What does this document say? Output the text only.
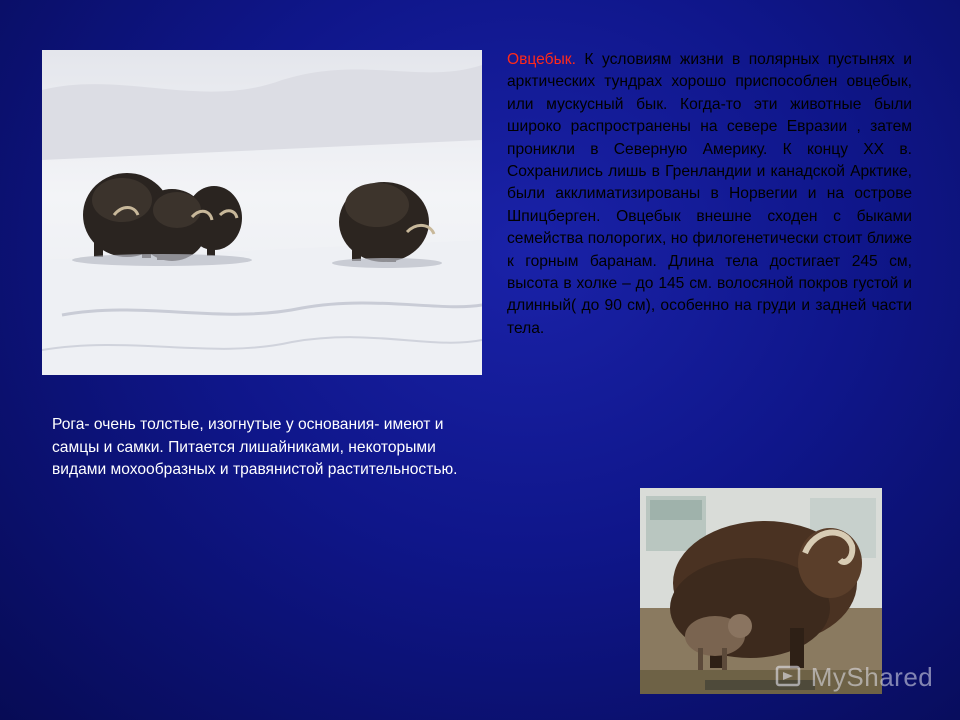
Овцебык. К условиям жизни в полярных пустынях и арктических тундрах хорошо приспособлен овцебык, или мускусный бык. Когда-то эти животные были широко распространены на севере Евразии , затем проникли в Северную Америку. К концу XX в. Сохранились лишь в Гренландии и канадской Арктике, были акклиматизированы в Норвегии и на острове Шпицберген. Овцебык внешне сходен с быками семейства полорогих, но филогенетически стоит ближе к горным баранам. Длина тела достигает 245 см, высота в холке – до 145 см. волосяной покров густой и длинный( до 90 см), особенно на груди и задней части тела.

Рога- очень толстые, изогнутые у основания- имеют и самцы и самки. Питается лишайниками, некоторыми видами мохообразных и травянистой растительностью.

MyShared
